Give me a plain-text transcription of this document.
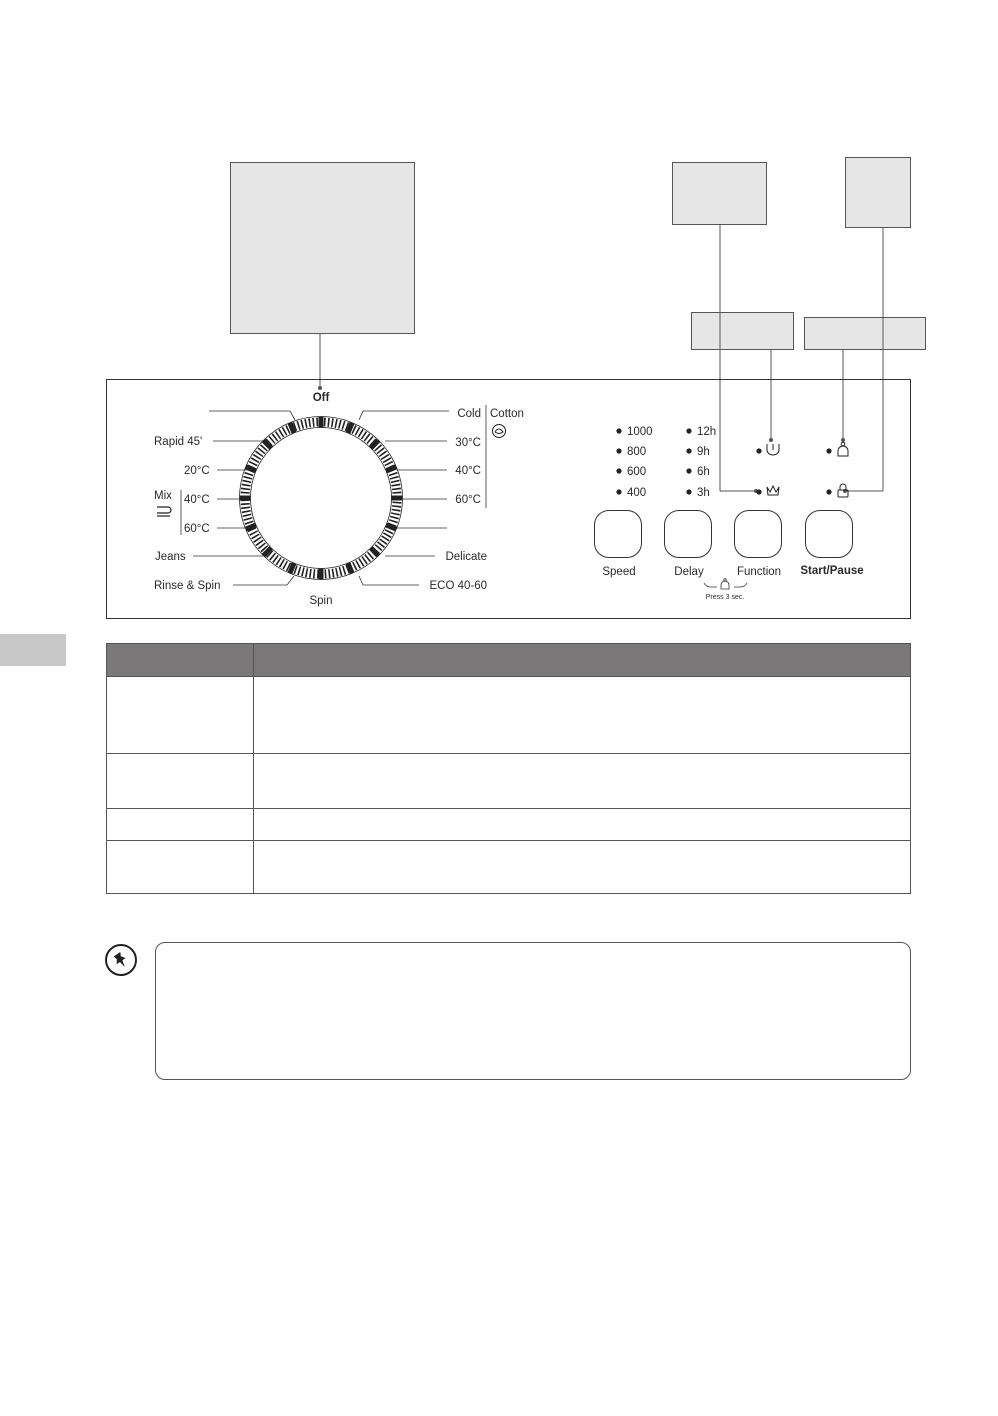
Off
Spin
Rapid 45'
20°C
Mix 40°C
60°C
Jeans
Rinse & Spin
Cold
30°C
40°C
60°C
Cotton
Delicate
ECO 40-60
1000
800
600
400
12h
9h
6h
3h
Speed	Delay	Function Start/Pause
Press 3 sec.
